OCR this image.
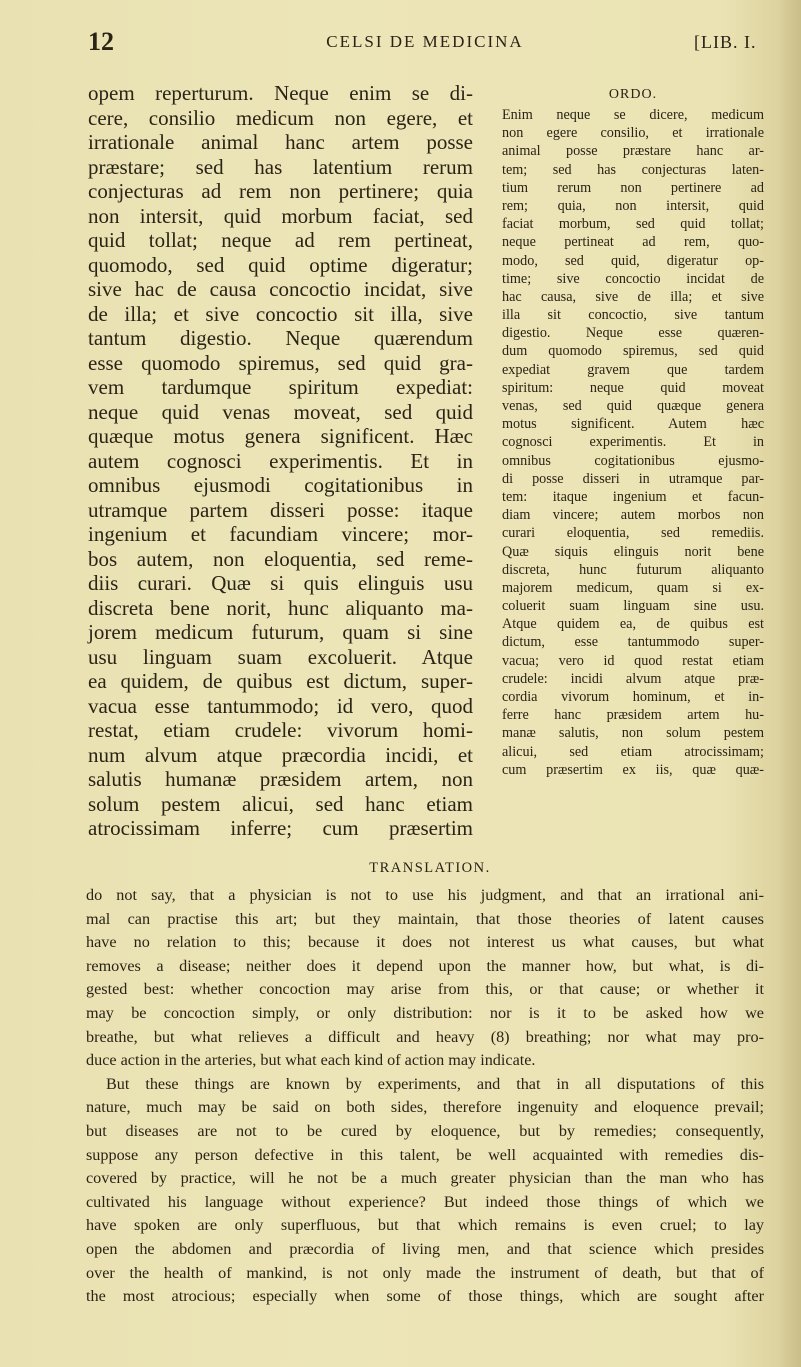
12	CELSI DE MEDICINA	[LIB. I.
opem reperturum. Neque enim se di-
cere, consilio medicum non egere, et
irrationale animal hanc artem posse
præstare; sed has latentium rerum
conjecturas ad rem non pertinere; quia
non intersit, quid morbum faciat, sed
quid tollat; neque ad rem pertineat,
quomodo, sed quid optime digeratur;
sive hac de causa concoctio incidat, sive
de illa; et sive concoctio sit illa, sive
tantum digestio. Neque quærendum
esse quomodo spiremus, sed quid gra-
vem tardumque spiritum expediat:
neque quid venas moveat, sed quid
quæque motus genera significent. Hæc
autem cognosci experimentis. Et in
omnibus ejusmodi cogitationibus in
utramque partem disseri posse: itaque
ingenium et facundiam vincere; mor-
bos autem, non eloquentia, sed reme-
diis curari. Quæ si quis elinguis usu
discreta bene norit, hunc aliquanto ma-
jorem medicum futurum, quam si sine
usu linguam suam excoluerit. Atque
ea quidem, de quibus est dictum, super-
vacua esse tantummodo; id vero, quod
restat, etiam crudele: vivorum homi-
num alvum atque præcordia incidi, et
salutis humanæ præsidem artem, non
solum pestem alicui, sed hanc etiam
atrocissimam inferre; cum præsertim
ORDO.
Enim neque se dicere, medicum
non egere consilio, et irrationale
animal posse præstare hanc ar-
tem; sed has conjecturas laten-
tium rerum non pertinere ad
rem; quia, non intersit, quid
faciat morbum, sed quid tollat;
neque pertineat ad rem, quo-
modo, sed quid, digeratur op-
time; sive concoctio incidat de
hac causa, sive de illa; et sive
illa sit concoctio, sive tantum
digestio. Neque esse quæren-
dum quomodo spiremus, sed quid
expediat gravem que tardem
spiritum: neque quid moveat
venas, sed quid quæque genera
motus significent. Autem hæc
cognosci experimentis. Et in
omnibus cogitationibus ejusmo-
di posse disseri in utramque par-
tem: itaque ingenium et facun-
diam vincere; autem morbos non
curari eloquentia, sed remediis.
Quæ siquis elinguis norit bene
discreta, hunc futurum aliquanto
majorem medicum, quam si ex-
coluerit suam linguam sine usu.
Atque quidem ea, de quibus est
dictum, esse tantummodo super-
vacua; vero id quod restat etiam
crudele: incidi alvum atque præ-
cordia vivorum hominum, et in-
ferre hanc præsidem artem hu-
manæ salutis, non solum pestem
alicui, sed etiam atrocissimam;
cum præsertim ex iis, quæ quæ-
TRANSLATION.
do not say, that a physician is not to use his judgment, and that an irrational ani-
mal can practise this art; but they maintain, that those theories of latent causes
have no relation to this; because it does not interest us what causes, but what
removes a disease; neither does it depend upon the manner how, but what, is di-
gested best: whether concoction may arise from this, or that cause; or whether it
may be concoction simply, or only distribution: nor is it to be asked how we
breathe, but what relieves a difficult and heavy (8) breathing; nor what may pro-
duce action in the arteries, but what each kind of action may indicate.
But these things are known by experiments, and that in all disputations of this
nature, much may be said on both sides, therefore ingenuity and eloquence prevail;
but diseases are not to be cured by eloquence, but by remedies; consequently,
suppose any person defective in this talent, be well acquainted with remedies dis-
covered by practice, will he not be a much greater physician than the man who has
cultivated his language without experience? But indeed those things of which we
have spoken are only superfluous, but that which remains is even cruel; to lay
open the abdomen and præcordia of living men, and that science which presides
over the health of mankind, is not only made the instrument of death, but that of
the most atrocious; especially when some of those things, which are sought after
